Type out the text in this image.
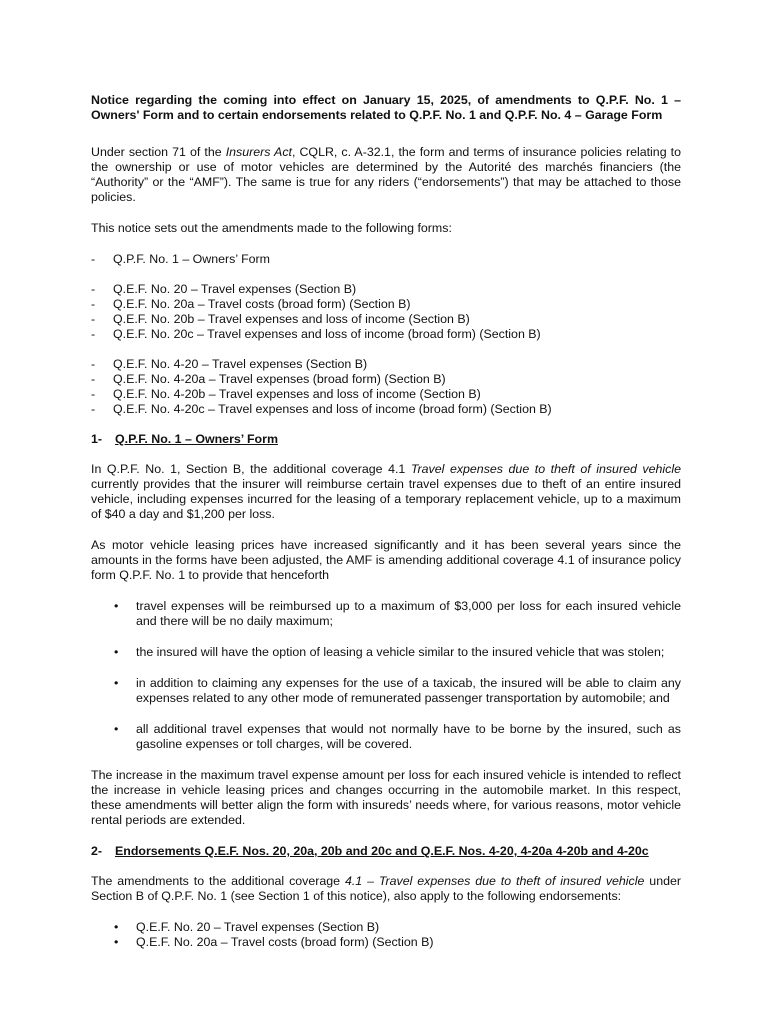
Notice regarding the coming into effect on January 15, 2025, of amendments to Q.P.F. No. 1 – Owners' Form and to certain endorsements related to Q.P.F. No. 1 and Q.P.F. No. 4 – Garage Form

Under section 71 of the Insurers Act, CQLR, c. A-32.1, the form and terms of insurance policies relating to the ownership or use of motor vehicles are determined by the Autorité des marchés financiers (the “Authority” or the “AMF”). The same is true for any riders (“endorsements”) that may be attached to those policies.

This notice sets out the amendments made to the following forms:

- Q.P.F. No. 1 – Owners’ Form
- Q.E.F. No. 20 – Travel expenses (Section B)
- Q.E.F. No. 20a – Travel costs (broad form) (Section B)
- Q.E.F. No. 20b – Travel expenses and loss of income (Section B)
- Q.E.F. No. 20c – Travel expenses and loss of income (broad form) (Section B)
- Q.E.F. No. 4-20 – Travel expenses (Section B)
- Q.E.F. No. 4-20a – Travel expenses (broad form) (Section B)
- Q.E.F. No. 4-20b – Travel expenses and loss of income (Section B)
- Q.E.F. No. 4-20c – Travel expenses and loss of income (broad form) (Section B)
1- Q.P.F. No. 1 – Owners’ Form

In Q.P.F. No. 1, Section B, the additional coverage 4.1 Travel expenses due to theft of insured vehicle currently provides that the insurer will reimburse certain travel expenses due to theft of an entire insured vehicle, including expenses incurred for the leasing of a temporary replacement vehicle, up to a maximum of $40 a day and $1,200 per loss.

As motor vehicle leasing prices have increased significantly and it has been several years since the amounts in the forms have been adjusted, the AMF is amending additional coverage 4.1 of insurance policy form Q.P.F. No. 1 to provide that henceforth

• travel expenses will be reimbursed up to a maximum of $3,000 per loss for each insured vehicle and there will be no daily maximum;
• the insured will have the option of leasing a vehicle similar to the insured vehicle that was stolen;
• in addition to claiming any expenses for the use of a taxicab, the insured will be able to claim any expenses related to any other mode of remunerated passenger transportation by automobile; and
• all additional travel expenses that would not normally have to be borne by the insured, such as gasoline expenses or toll charges, will be covered.

The increase in the maximum travel expense amount per loss for each insured vehicle is intended to reflect the increase in vehicle leasing prices and changes occurring in the automobile market. In this respect, these amendments will better align the form with insureds’ needs where, for various reasons, motor vehicle rental periods are extended.

2- Endorsements Q.E.F. Nos. 20, 20a, 20b and 20c and Q.E.F. Nos. 4-20, 4-20a 4-20b and 4-20c

The amendments to the additional coverage 4.1 – Travel expenses due to theft of insured vehicle under Section B of Q.P.F. No. 1 (see Section 1 of this notice), also apply to the following endorsements:

• Q.E.F. No. 20 – Travel expenses (Section B)
• Q.E.F. No. 20a – Travel costs (broad form) (Section B)
